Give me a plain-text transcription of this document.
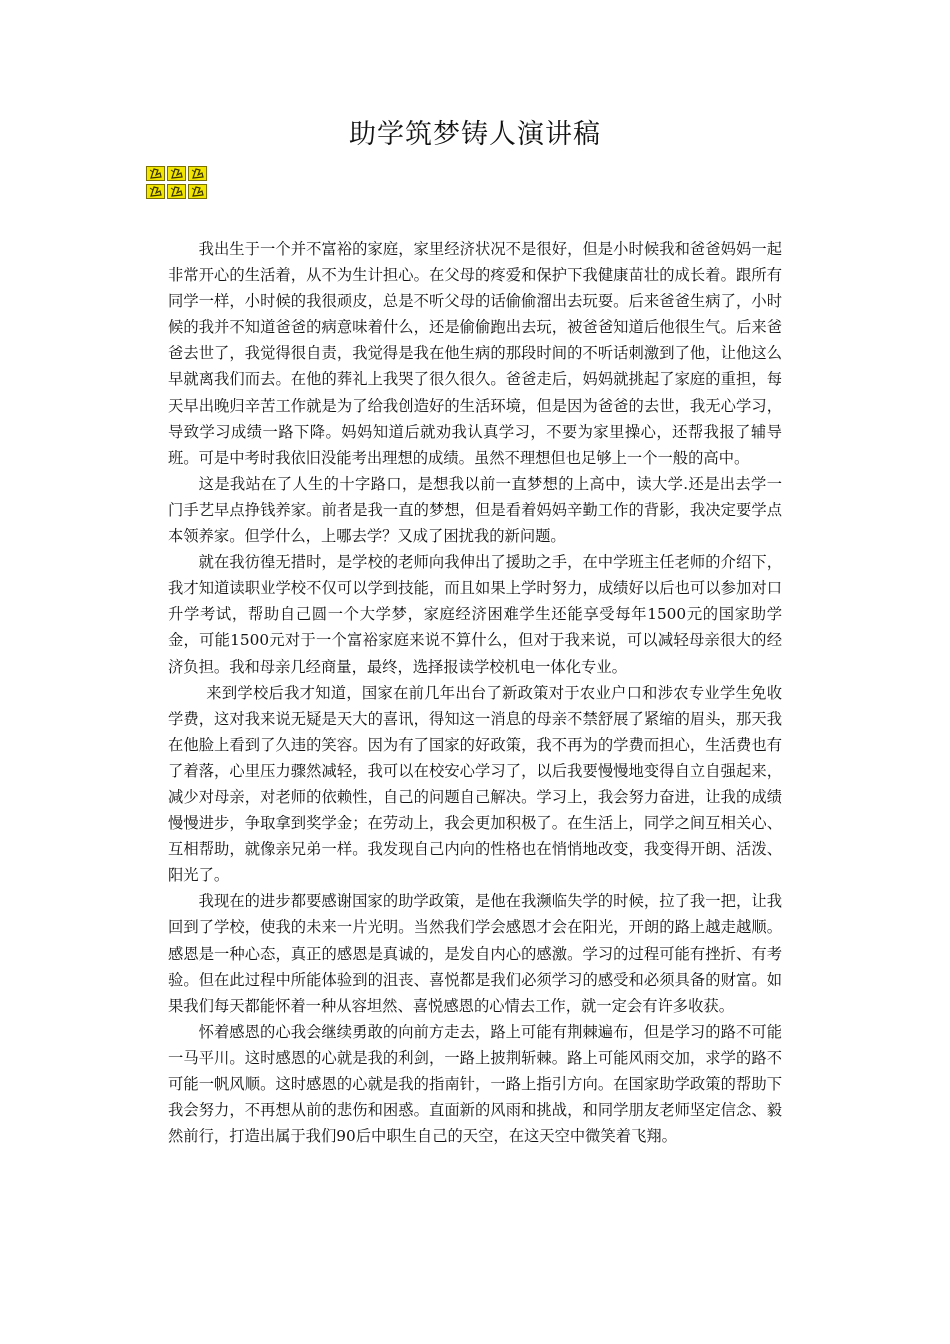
助学筑梦铸人演讲稿

我出生于一个并不富裕的家庭，家里经济状况不是很好，但是小时候我和爸爸妈妈一起非常开心的生活着，从不为生计担心。在父母的疼爱和保护下我健康苗壮的成长着。跟所有同学一样，小时候的我很顽皮，总是不听父母的话偷偷溜出去玩耍。后来爸爸生病了，小时候的我并不知道爸爸的病意味着什么，还是偷偷跑出去玩，被爸爸知道后他很生气。后来爸爸去世了，我觉得很自责，我觉得是我在他生病的那段时间的不听话刺激到了他，让他这么早就离我们而去。在他的葬礼上我哭了很久很久。爸爸走后，妈妈就挑起了家庭的重担，每天早出晚归辛苦工作就是为了给我创造好的生活环境，但是因为爸爸的去世，我无心学习，导致学习成绩一路下降。妈妈知道后就劝我认真学习，不要为家里操心，还帮我报了辅导班。可是中考时我依旧没能考出理想的成绩。虽然不理想但也足够上一个一般的高中。

这是我站在了人生的十字路口，是想我以前一直梦想的上高中，读大学.还是出去学一门手艺早点挣钱养家。前者是我一直的梦想，但是看着妈妈辛勤工作的背影，我决定要学点本领养家。但学什么，上哪去学？又成了困扰我的新问题。

就在我彷徨无措时，是学校的老师向我伸出了援助之手，在中学班主任老师的介绍下，我才知道读职业学校不仅可以学到技能，而且如果上学时努力，成绩好以后也可以参加对口升学考试，帮助自己圆一个大学梦，家庭经济困难学生还能享受每年1500元的国家助学金，可能1500元对于一个富裕家庭来说不算什么，但对于我来说，可以减轻母亲很大的经济负担。我和母亲几经商量，最终，选择报读学校机电一体化专业。

来到学校后我才知道，国家在前几年出台了新政策对于农业户口和涉农专业学生免收学费，这对我来说无疑是天大的喜讯，得知这一消息的母亲不禁舒展了紧缩的眉头，那天我在他脸上看到了久违的笑容。因为有了国家的好政策，我不再为的学费而担心，生活费也有了着落，心里压力骤然减轻，我可以在校安心学习了，以后我要慢慢地变得自立自强起来，减少对母亲，对老师的依赖性，自己的问题自己解决。学习上，我会努力奋进，让我的成绩慢慢进步，争取拿到奖学金；在劳动上，我会更加积极了。在生活上，同学之间互相关心、互相帮助，就像亲兄弟一样。我发现自己内向的性格也在悄悄地改变，我变得开朗、活泼、阳光了。

我现在的进步都要感谢国家的助学政策，是他在我濒临失学的时候，拉了我一把，让我回到了学校，使我的未来一片光明。当然我们学会感恩才会在阳光，开朗的路上越走越顺。感恩是一种心态，真正的感恩是真诚的，是发自内心的感激。学习的过程可能有挫折、有考验。但在此过程中所能体验到的沮丧、喜悦都是我们必须学习的感受和必须具备的财富。如果我们每天都能怀着一种从容坦然、喜悦感恩的心情去工作，就一定会有许多收获。

怀着感恩的心我会继续勇敢的向前方走去，路上可能有荆棘遍布，但是学习的路不可能一马平川。这时感恩的心就是我的利剑，一路上披荆斩棘。路上可能风雨交加，求学的路不可能一帆风顺。这时感恩的心就是我的指南针，一路上指引方向。在国家助学政策的帮助下我会努力，不再想从前的悲伤和困惑。直面新的风雨和挑战，和同学朋友老师坚定信念、毅然前行，打造出属于我们90后中职生自己的天空，在这天空中微笑着飞翔。
